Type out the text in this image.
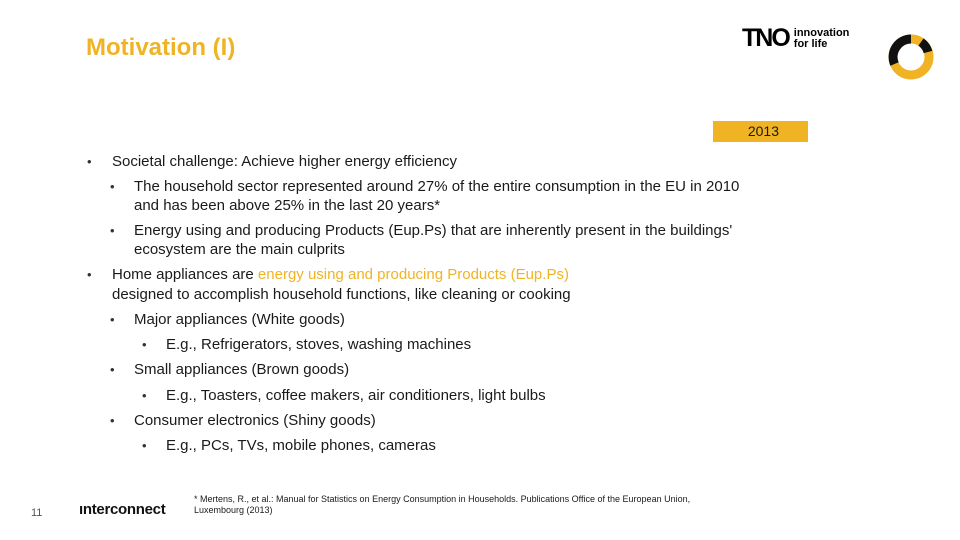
Motivation (I)	TNO innovation
for life
2013
• Societal challenge: Achieve higher energy efficiency
• The household sector represented around 27% of the entire consumption in the EU in 2010
and has been above 25% in the last 20 years*
• Energy using and producing Products (Eup.Ps) that are inherently present in the buildings'
ecosystem are the main culprits
• Home appliances are energy using and producing Products (Eup.Ps)
designed to accomplish household functions, like cleaning or cooking
• Major appliances (White goods)
• E.g., Refrigerators, stoves, washing machines
• Small appliances (Brown goods)
• E.g., Toasters, coffee makers, air conditioners, light bulbs
• Consumer electronics (Shiny goods)
• E.g., PCs, TVs, mobile phones, cameras
* Mertens, R., et al.: Manual for Statistics on Energy Consumption in Households. Publications Office of the European Union,
Luxembourg (2013)
11 ınterconnect
